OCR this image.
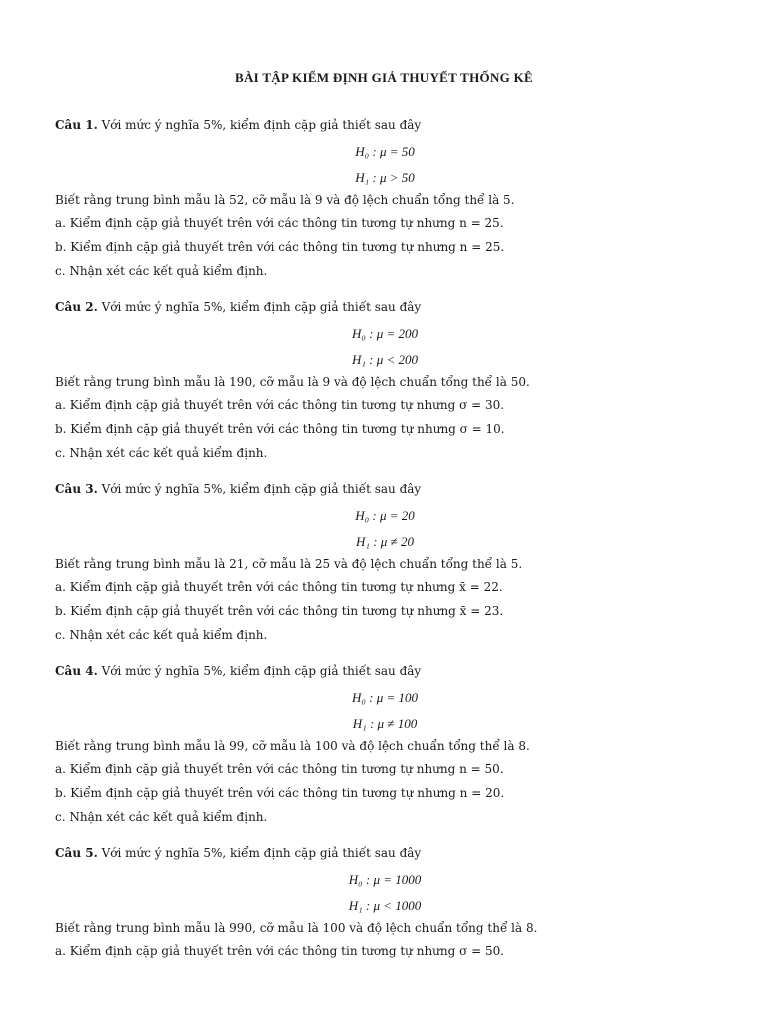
BÀI TẬP KIỂM ĐỊNH GIẢ THUYẾT THỐNG KÊ
Câu 1. Với mức ý nghĩa 5%, kiểm định cặp giả thiết sau đây
H₀ : μ = 50
H₁ : μ > 50
Biết rằng trung bình mẫu là 52, cỡ mẫu là 9 và độ lệch chuẩn tổng thể là 5.
a. Kiểm định cặp giả thuyết trên với các thông tin tương tự nhưng n = 25.
b. Kiểm định cặp giả thuyết trên với các thông tin tương tự nhưng n = 25.
c. Nhận xét các kết quả kiểm định.
Câu 2. Với mức ý nghĩa 5%, kiểm định cặp giả thiết sau đây
H₀ : μ = 200
H₁ : μ < 200
Biết rằng trung bình mẫu là 190, cỡ mẫu là 9 và độ lệch chuẩn tổng thể là 50.
a. Kiểm định cặp giả thuyết trên với các thông tin tương tự nhưng σ = 30.
b. Kiểm định cặp giả thuyết trên với các thông tin tương tự nhưng σ = 10.
c. Nhận xét các kết quả kiểm định.
Câu 3. Với mức ý nghĩa 5%, kiểm định cặp giả thiết sau đây
H₀ : μ = 20
H₁ : μ ≠ 20
Biết rằng trung bình mẫu là 21, cỡ mẫu là 25 và độ lệch chuẩn tổng thể là 5.
a. Kiểm định cặp giả thuyết trên với các thông tin tương tự nhưng x̄ = 22.
b. Kiểm định cặp giả thuyết trên với các thông tin tương tự nhưng x̄ = 23.
c. Nhận xét các kết quả kiểm định.
Câu 4. Với mức ý nghĩa 5%, kiểm định cặp giả thiết sau đây
H₀ : μ = 100
H₁ : μ ≠ 100
Biết rằng trung bình mẫu là 99, cỡ mẫu là 100 và độ lệch chuẩn tổng thể là 8.
a. Kiểm định cặp giả thuyết trên với các thông tin tương tự nhưng n = 50.
b. Kiểm định cặp giả thuyết trên với các thông tin tương tự nhưng n = 20.
c. Nhận xét các kết quả kiểm định.
Câu 5. Với mức ý nghĩa 5%, kiểm định cặp giả thiết sau đây
H₀ : μ = 1000
H₁ : μ < 1000
Biết rằng trung bình mẫu là 990, cỡ mẫu là 100 và độ lệch chuẩn tổng thể là 8.
a. Kiểm định cặp giả thuyết trên với các thông tin tương tự nhưng σ = 50.
